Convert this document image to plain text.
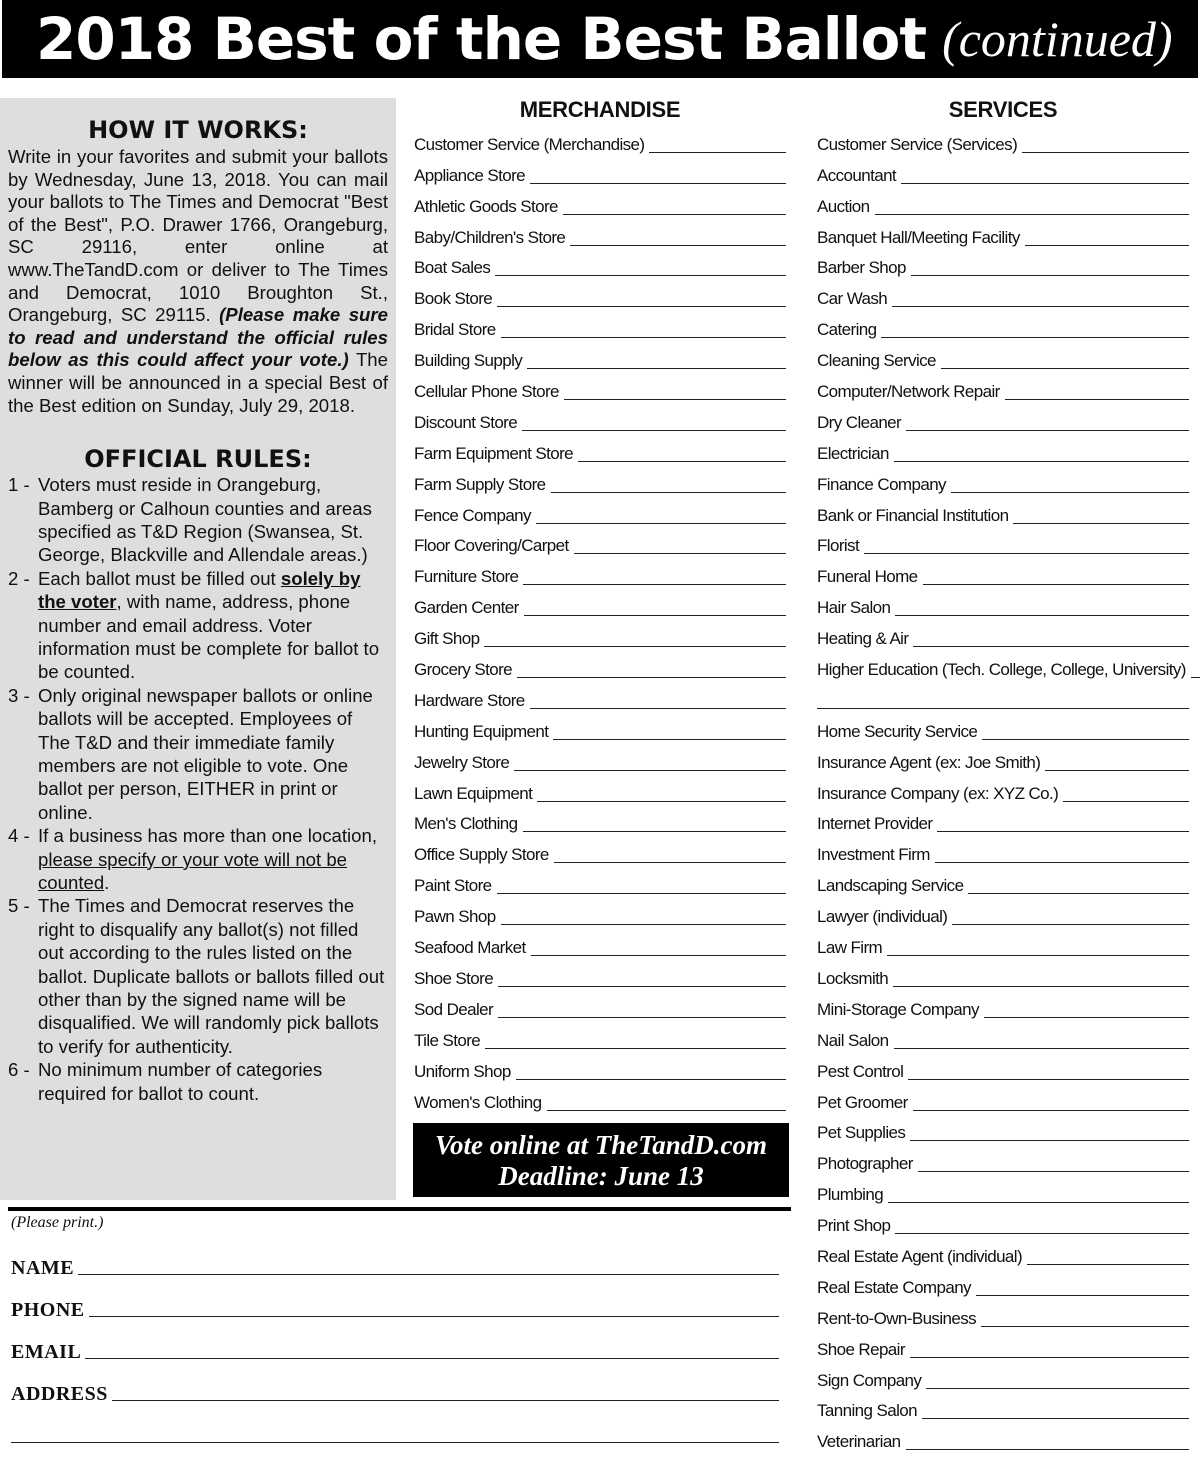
2018 Best of the Best Ballot (continued)
HOW IT WORKS:

Write in your favorites and submit your ballots by Wednesday, June 13, 2018. You can mail your ballots to The Times and Democrat "Best of the Best", P.O. Drawer 1766, Orangeburg, SC 29116, enter online at www.TheTandD.com or deliver to The Times and Democrat, 1010 Broughton St., Orangeburg, SC 29115. (Please make sure to read and understand the official rules below as this could affect your vote.) The winner will be announced in a special Best of the Best edition on Sunday, July 29, 2018.

OFFICIAL RULES:
1 - Voters must reside in Orangeburg, Bamberg or Calhoun counties and areas specified as T&D Region (Swansea, St. George, Blackville and Allendale areas.)
2 - Each ballot must be filled out solely by the voter, with name, address, phone number and email address. Voter information must be complete for ballot to be counted.
3 - Only original newspaper ballots or online ballots will be accepted. Employees of The T&D and their immediate family members are not eligible to vote. One ballot per person, EITHER in print or online.
4 - If a business has more than one location, please specify or your vote will not be counted.
5 - The Times and Democrat reserves the right to disqualify any ballot(s) not filled out according to the rules listed on the ballot. Duplicate ballots or ballots filled out other than by the signed name will be disqualified. We will randomly pick ballots to verify for authenticity.
6 - No minimum number of categories required for ballot to count.
MERCHANDISE
Customer Service (Merchandise)
Appliance Store
Athletic Goods Store
Baby/Children's Store
Boat Sales
Book Store
Bridal Store
Building Supply
Cellular Phone Store
Discount Store
Farm Equipment Store
Farm Supply Store
Fence Company
Floor Covering/Carpet
Furniture Store
Garden Center
Gift Shop
Grocery Store
Hardware Store
Hunting Equipment
Jewelry Store
Lawn Equipment
Men's Clothing
Office Supply Store
Paint Store
Pawn Shop
Seafood Market
Shoe Store
Sod Dealer
Tile Store
Uniform Shop
Women's Clothing
SERVICES
Customer Service (Services)
Accountant
Auction
Banquet Hall/Meeting Facility
Barber Shop
Car Wash
Catering
Cleaning Service
Computer/Network Repair
Dry Cleaner
Electrician
Finance Company
Bank or Financial Institution
Florist
Funeral Home
Hair Salon
Heating & Air
Higher Education (Tech. College, College, University)
Home Security Service
Insurance Agent (ex: Joe Smith)
Insurance Company (ex: XYZ Co.)
Internet Provider
Investment Firm
Landscaping Service
Lawyer (individual)
Law Firm
Locksmith
Mini-Storage Company
Nail Salon
Pest Control
Pet Groomer
Pet Supplies
Photographer
Plumbing
Print Shop
Real Estate Agent (individual)
Real Estate Company
Rent-to-Own-Business
Shoe Repair
Sign Company
Tanning Salon
Veterinarian
Vote online at TheTandD.com
Deadline: June 13
(Please print.)
NAME
PHONE
EMAIL
ADDRESS
